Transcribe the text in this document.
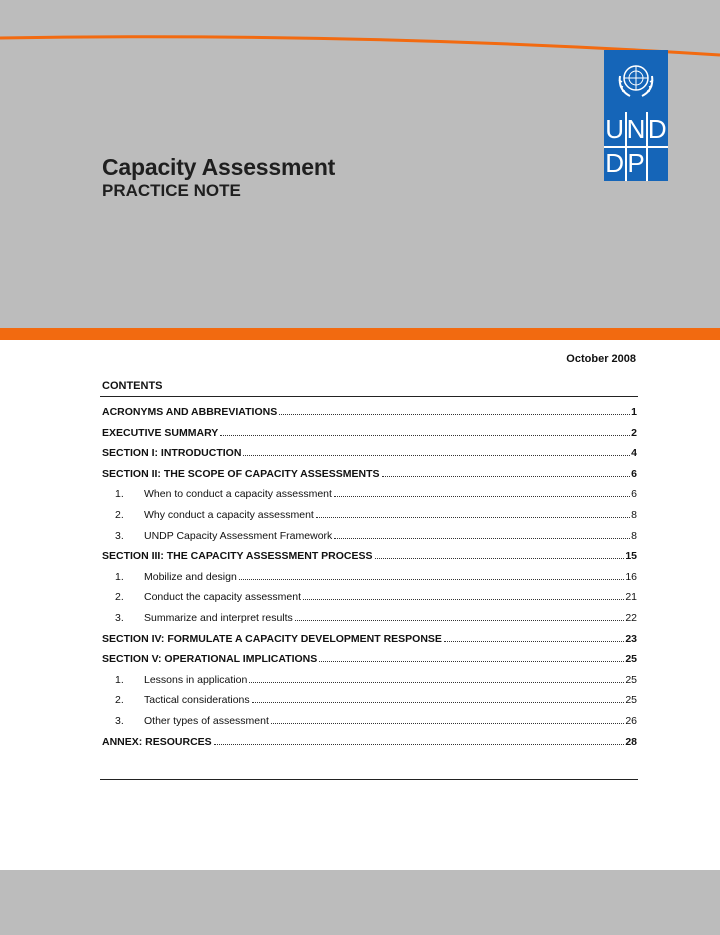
U N D
D P
Capacity Assessment
PRACTICE NOTE
October 2008
CONTENTS
ACRONYMS AND ABBREVIATIONS	1
EXECUTIVE SUMMARY	2
SECTION I: INTRODUCTION	4
SECTION II: THE SCOPE OF CAPACITY ASSESSMENTS	6
1.	When to conduct a capacity assessment	6
2.	Why conduct a capacity assessment	8
3.	UNDP Capacity Assessment Framework	8
SECTION III: THE CAPACITY ASSESSMENT PROCESS	15
1.	Mobilize and design	16
2.	Conduct the capacity assessment	21
3.	Summarize and interpret results	22
SECTION IV: FORMULATE A CAPACITY DEVELOPMENT RESPONSE	23
SECTION V: OPERATIONAL IMPLICATIONS	25
1.	Lessons in application	25
2.	Tactical considerations	25
3.	Other types of assessment	26
ANNEX: RESOURCES	28
